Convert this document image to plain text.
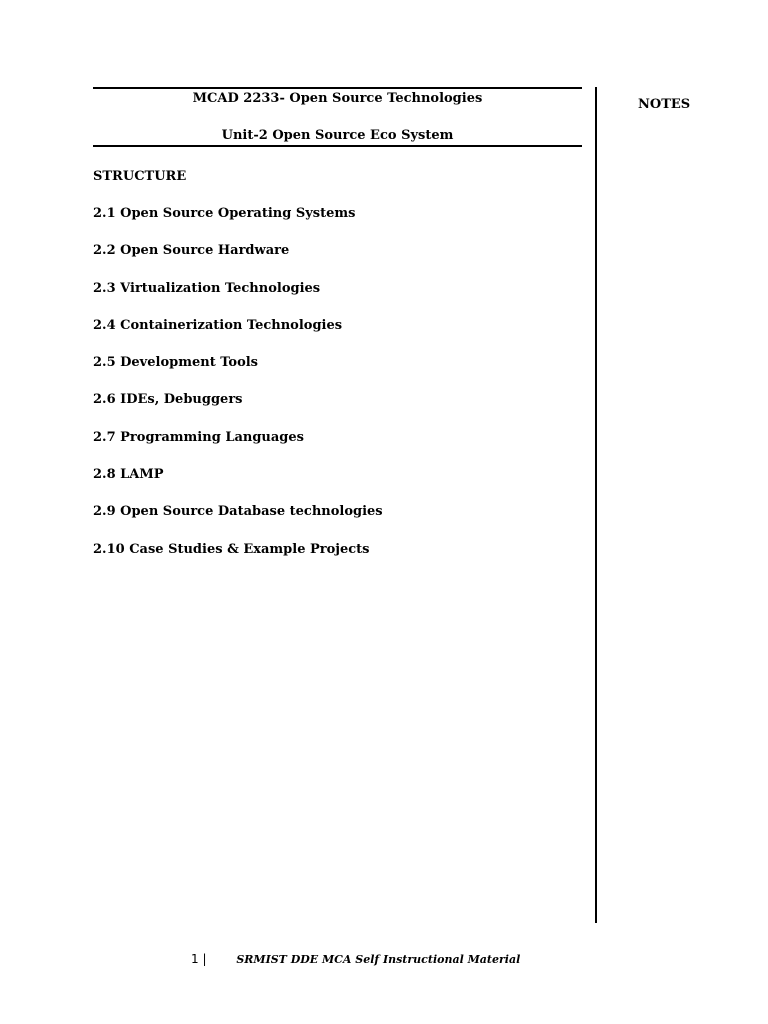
MCAD 2233- Open Source Technologies
Unit-2 Open Source Eco System
NOTES
STRUCTURE
2.1 Open Source Operating Systems
2.2 Open Source Hardware
2.3 Virtualization Technologies
2.4 Containerization Technologies
2.5 Development Tools
2.6 IDEs, Debuggers
2.7 Programming Languages
2.8 LAMP
2.9 Open Source Database technologies
2.10 Case Studies & Example Projects
1 |	SRMIST DDE MCA Self Instructional Material
